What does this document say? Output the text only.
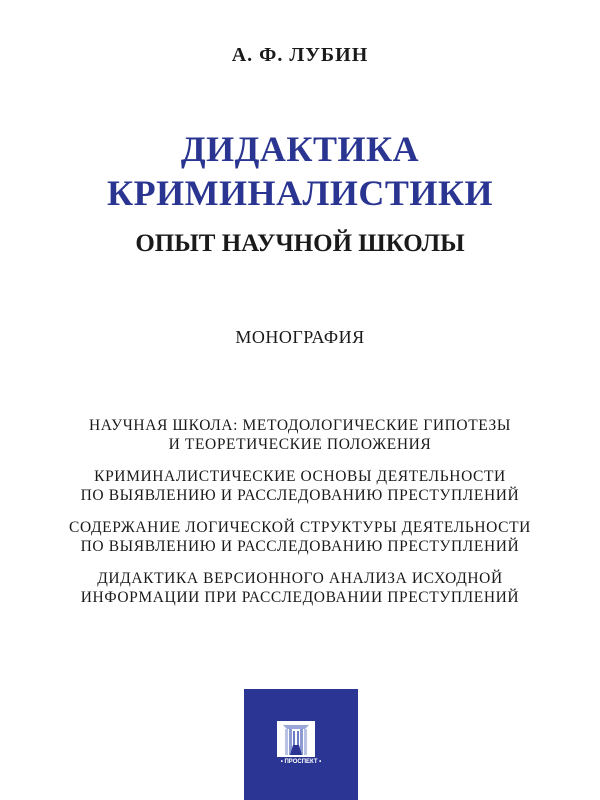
А. Ф. ЛУБИН
ДИДАКТИКА
КРИМИНАЛИСТИКИ
ОПЫТ НАУЧНОЙ ШКОЛЫ
МОНОГРАФИЯ
НАУЧНАЯ ШКОЛА: МЕТОДОЛОГИЧЕСКИЕ ГИПОТЕЗЫ
И ТЕОРЕТИЧЕСКИЕ ПОЛОЖЕНИЯ
КРИМИНАЛИСТИЧЕСКИЕ ОСНОВЫ ДЕЯТЕЛЬНОСТИ
ПО ВЫЯВЛЕНИЮ И РАССЛЕДОВАНИЮ ПРЕСТУПЛЕНИЙ
СОДЕРЖАНИЕ ЛОГИЧЕСКОЙ СТРУКТУРЫ ДЕЯТЕЛЬНОСТИ
ПО ВЫЯВЛЕНИЮ И РАССЛЕДОВАНИЮ ПРЕСТУПЛЕНИЙ
ДИДАКТИКА ВЕРСИОННОГО АНАЛИЗА ИСХОДНОЙ
ИНФОРМАЦИИ ПРИ РАССЛЕДОВАНИИ ПРЕСТУПЛЕНИЙ
• ПРОСПЕКТ •
